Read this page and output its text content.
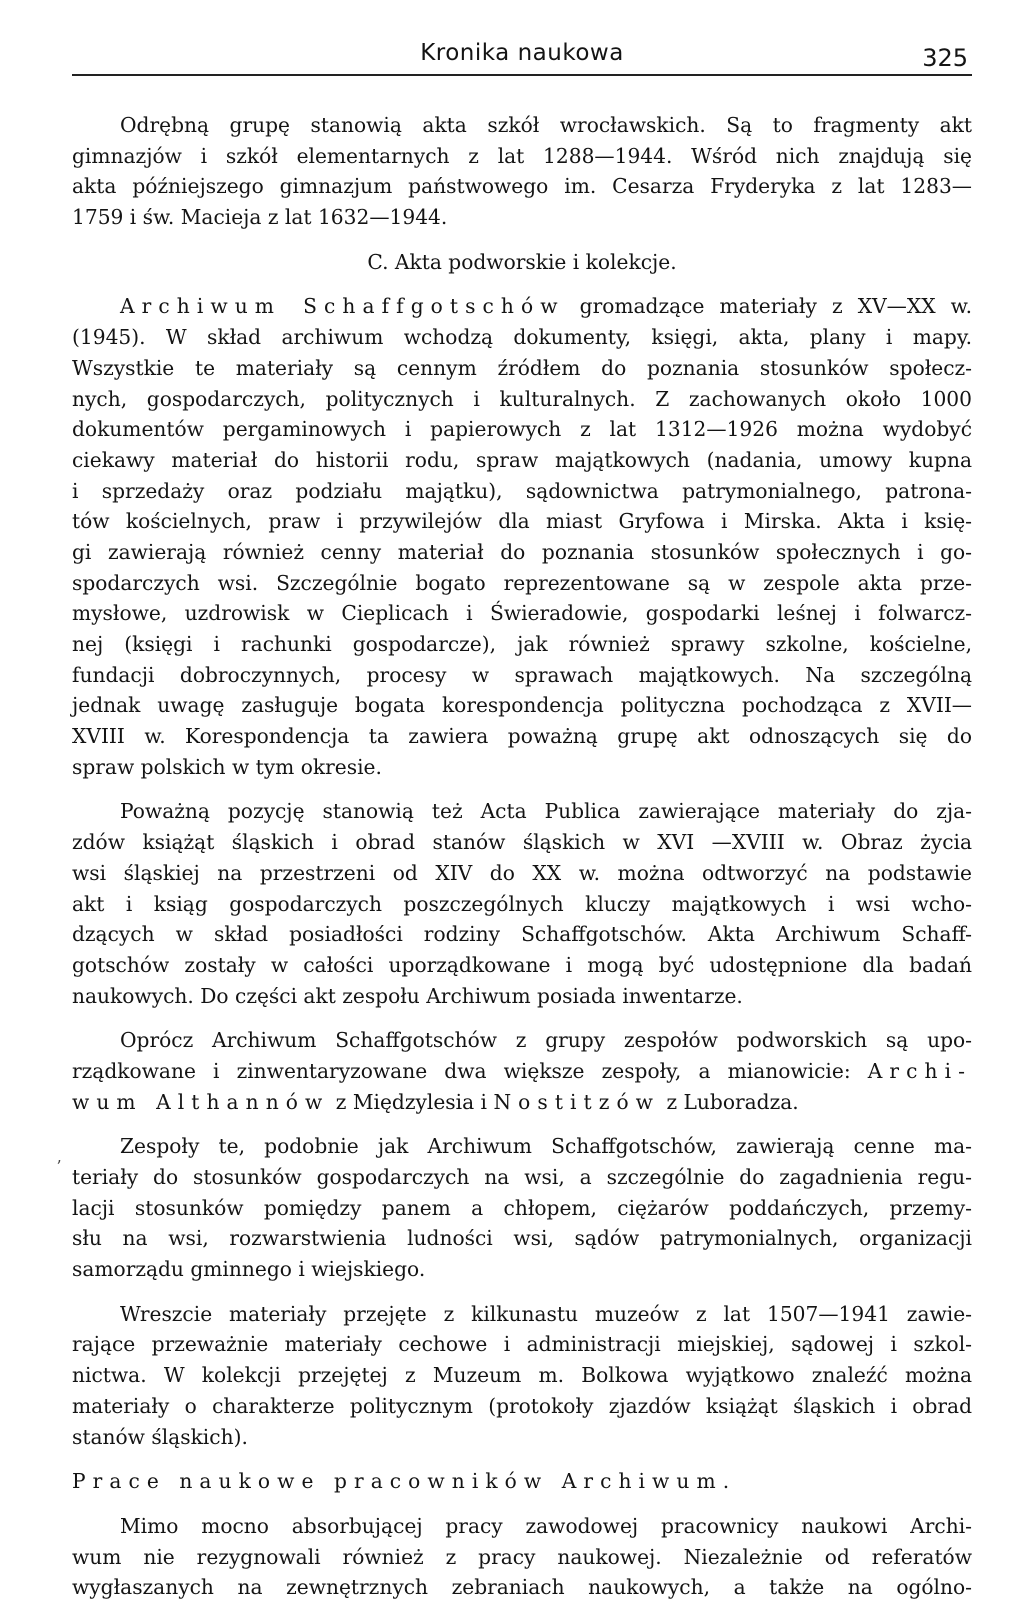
Kronika naukowa	325
ʼ
Odrębną grupę stanowią akta szkół wrocławskich. Są to fragmenty akt
gimnazjów i szkół elementarnych z lat 1288—1944. Wśród nich znajdują się
akta późniejszego gimnazjum państwowego im. Cesarza Fryderyka z lat 1283—
1759 i św. Macieja z lat 1632—1944.
C. Akta podworskie i kolekcje.
Archiwum Schaffgotschów gromadzące materiały z XV—XX w.
(1945). W skład archiwum wchodzą dokumenty, księgi, akta, plany i mapy.
Wszystkie te materiały są cennym źródłem do poznania stosunków społecz-
nych, gospodarczych, politycznych i kulturalnych. Z zachowanych około 1000
dokumentów pergaminowych i papierowych z lat 1312—1926 można wydobyć
ciekawy materiał do historii rodu, spraw majątkowych (nadania, umowy kupna
i sprzedaży oraz podziału majątku), sądownictwa patrymonialnego, patrona-
tów kościelnych, praw i przywilejów dla miast Gryfowa i Mirska. Akta i księ-
gi zawierają również cenny materiał do poznania stosunków społecznych i go-
spodarczych wsi. Szczególnie bogato reprezentowane są w zespole akta prze-
mysłowe, uzdrowisk w Cieplicach i Świeradowie, gospodarki leśnej i folwarcz-
nej (księgi i rachunki gospodarcze), jak również sprawy szkolne, kościelne,
fundacji dobroczynnych, procesy w sprawach majątkowych. Na szczególną
jednak uwagę zasługuje bogata korespondencja polityczna pochodząca z XVII—
XVIII w. Korespondencja ta zawiera poważną grupę akt odnoszących się do
spraw polskich w tym okresie.
Poważną pozycję stanowią też Acta Publica zawierające materiały do zja-
zdów książąt śląskich i obrad stanów śląskich w XVI —XVIII w. Obraz życia
wsi śląskiej na przestrzeni od XIV do XX w. można odtworzyć na podstawie
akt i ksiąg gospodarczych poszczególnych kluczy majątkowych i wsi wcho-
dzących w skład posiadłości rodziny Schaffgotschów. Akta Archiwum Schaff-
gotschów zostały w całości uporządkowane i mogą być udostępnione dla badań
naukowych. Do części akt zespołu Archiwum posiada inwentarze.
Oprócz Archiwum Schaffgotschów z grupy zespołów podworskich są upo-
rządkowane i zinwentaryzowane dwa większe zespoły, a mianowicie: Archi-
wum Althannów z Międzylesia i Nostitzów z Luboradza.
Zespoły te, podobnie jak Archiwum Schaffgotschów, zawierają cenne ma-
teriały do stosunków gospodarczych na wsi, a szczególnie do zagadnienia regu-
lacji stosunków pomiędzy panem a chłopem, ciężarów poddańczych, przemy-
słu na wsi, rozwarstwienia ludności wsi, sądów patrymonialnych, organizacji
samorządu gminnego i wiejskiego.
Wreszcie materiały przejęte z kilkunastu muzeów z lat 1507—1941 zawie-
rające przeważnie materiały cechowe i administracji miejskiej, sądowej i szkol-
nictwa. W kolekcji przejętej z Muzeum m. Bolkowa wyjątkowo znaleźć można
materiały o charakterze politycznym (protokoły zjazdów książąt śląskich i obrad
stanów śląskich).
Prace naukowe pracowników Archiwum.
Mimo mocno absorbującej pracy zawodowej pracownicy naukowi Archi-
wum nie rezygnowali również z pracy naukowej. Niezależnie od referatów
wygłaszanych na zewnętrznych zebraniach naukowych, a także na ogólno-
